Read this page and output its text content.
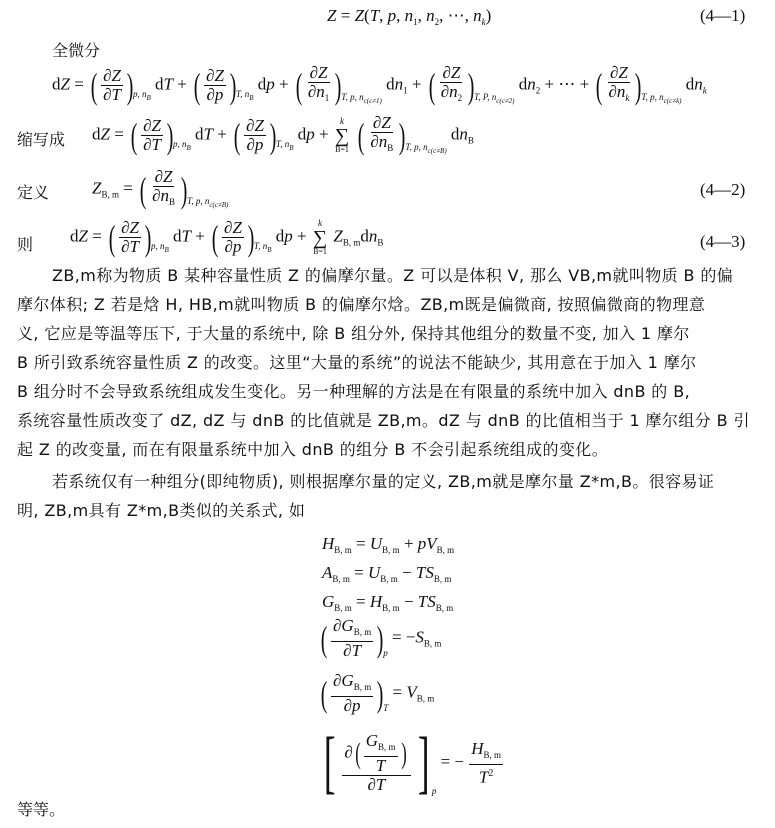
Z = Z(T, p, $n_1$, $n_2$, ⋯, $n_k$)	(4—1)
全微分
dZ = ( $\frac{\partial Z}{\partial T}$ ) p, $n_B$
dT + ( $\frac{\partial Z}{\partial p}$ ) T, $n_B$
dp + ( $\frac{\partial Z}{\partial n_1}$ ) T, p, $n_{c(c\ne 1)}$
$dn_1$ + ( $\frac{\partial Z}{\partial n_2}$ ) T, P, $n_{c(c\ne 2)}$
$dn_2$ + ⋯ + ( $\frac{\partial Z}{\partial n_k}$ ) T, p, $n_{c(c\ne k)}$
$dn_k$
缩写成 dZ = ( $\frac{\partial Z}{\partial T}$ ) p, $n_B$
dT + ( $\frac{\partial Z}{\partial p}$ ) T, $n_B$
dp +
k
∑
B=1
( $\frac{\partial Z}{\partial n_B}$ ) T, p, $n_{c(c\ne B)}$
$dn_B$
定义	$Z_{B, m}$ = ( $\frac{\partial Z}{\partial n_B}$ ) T, p, $n_{c(c\ne B)}$
(4—2)
则 dZ = ( $\frac{\partial Z}{\partial T}$ ) p, $n_B$
dT + ( $\frac{\partial Z}{\partial p}$ ) T, $n_B$
dp +
k
∑
B=1
$Z_{B, m}dn_B$	(4—3)
ZB,m称为物质 B 某种容量性质 Z 的偏摩尔量。Z 可以是体积 V, 那么 VB,m就叫物质 B 的偏
摩尔体积; Z 若是焓 H, HB,m就叫物质 B 的偏摩尔焓。ZB,m既是偏微商, 按照偏微商的物理意
义, 它应是等温等压下, 于大量的系统中, 除 B 组分外, 保持其他组分的数量不变, 加入 1 摩尔
B 所引致系统容量性质 Z 的改变。这里“大量的系统”的说法不能缺少, 其用意在于加入 1 摩尔
B 组分时不会导致系统组成发生变化。另一种理解的方法是在有限量的系统中加入 dnB 的 B,
系统容量性质改变了 dZ, dZ 与 dnB 的比值就是 ZB,m。dZ 与 dnB 的比值相当于 1 摩尔组分 B 引
起 Z 的改变量, 而在有限量系统中加入 dnB 的组分 B 不会引起系统组成的变化。
若系统仅有一种组分(即纯物质), 则根据摩尔量的定义, ZB,m就是摩尔量 Z*m,B。很容易证
明, ZB,m具有 Z*m,B类似的关系式, 如
$H_{B, m} = U_{B, m} + pV_{B, m}$
$A_{B, m} = U_{B, m} - TS_{B, m}$
$G_{B, m} = H_{B, m} - TS_{B, m}$
( $\frac{\partial G_{B, m}}{\partial T}$ ) p
= $-S_{B, m}$
( $\frac{\partial G_{B, m}}{\partial p}$ ) T
= $V_{B, m}$
[ $\frac{\partial( \frac{G_{B, m}}{T} )}{\partial T}$ ] p
= − $\frac{H_{B, m}}{T^2}$
等等。
